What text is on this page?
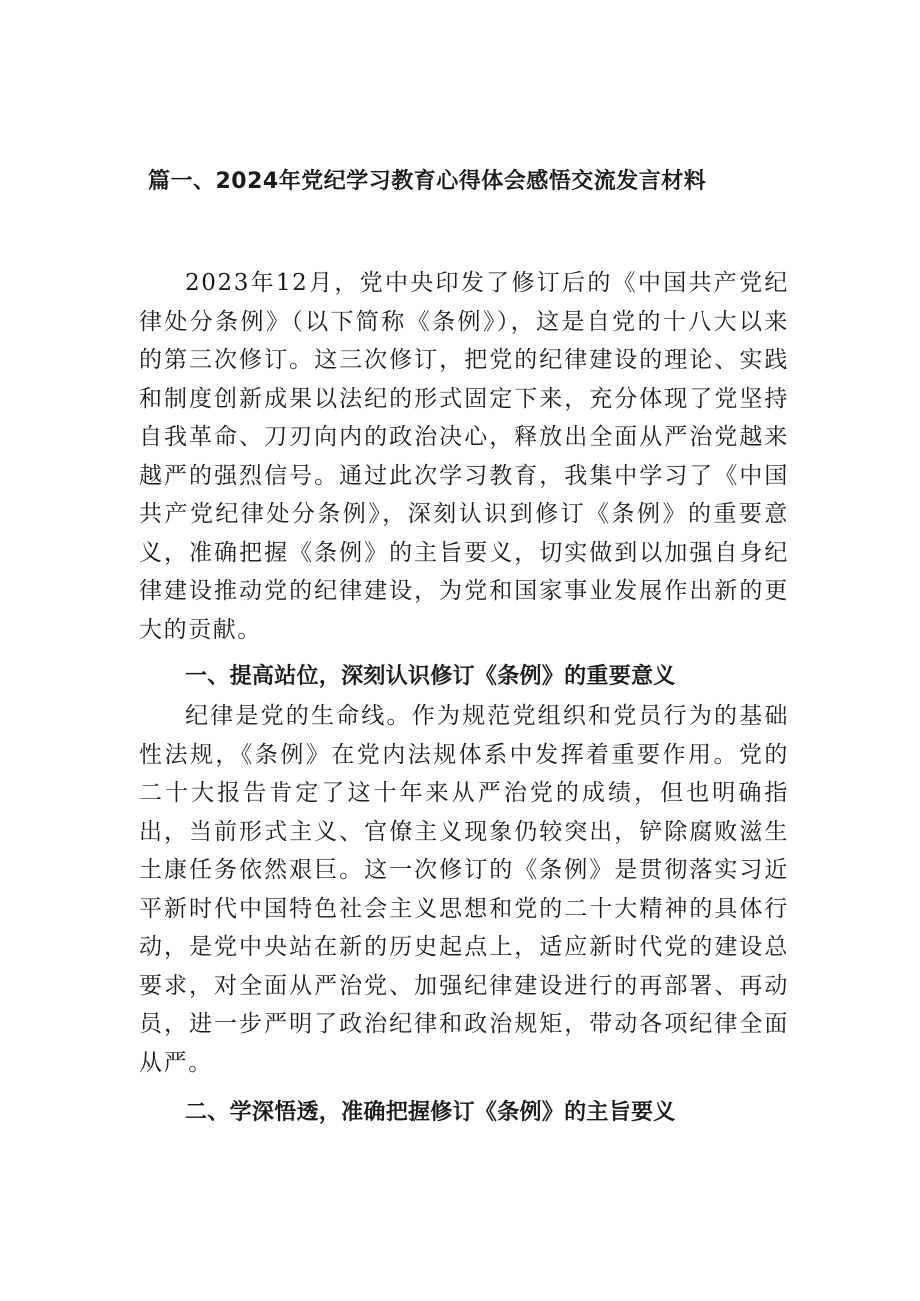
篇一、2024年党纪学习教育心得体会感悟交流发言材料

2023年12月，党中央印发了修订后的《中国共产党纪律处分条例》（以下简称《条例》），这是自党的十八大以来的第三次修订。这三次修订，把党的纪律建设的理论、实践和制度创新成果以法纪的形式固定下来，充分体现了党坚持自我革命、刀刃向内的政治决心，释放出全面从严治党越来越严的强烈信号。通过此次学习教育，我集中学习了《中国共产党纪律处分条例》，深刻认识到修订《条例》的重要意义，准确把握《条例》的主旨要义，切实做到以加强自身纪律建设推动党的纪律建设，为党和国家事业发展作出新的更大的贡献。

一、提高站位，深刻认识修订《条例》的重要意义

纪律是党的生命线。作为规范党组织和党员行为的基础性法规，《条例》在党内法规体系中发挥着重要作用。党的二十大报告肯定了这十年来从严治党的成绩，但也明确指出，当前形式主义、官僚主义现象仍较突出，铲除腐败滋生土康任务依然艰巨。这一次修订的《条例》是贯彻落实习近平新时代中国特色社会主义思想和党的二十大精神的具体行动，是党中央站在新的历史起点上，适应新时代党的建设总要求，对全面从严治党、加强纪律建设进行的再部署、再动员，进一步严明了政治纪律和政治规矩，带动各项纪律全面从严。

二、学深悟透，准确把握修订《条例》的主旨要义
